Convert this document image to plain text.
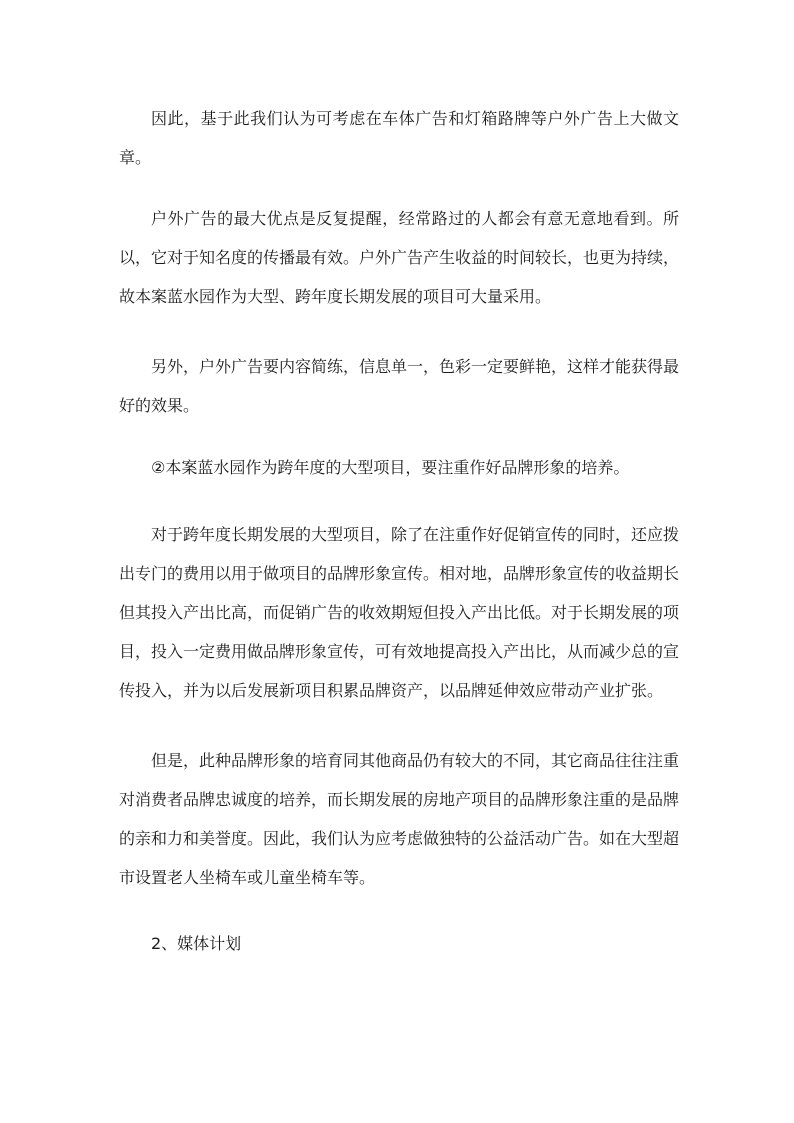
因此，基于此我们认为可考虑在车体广告和灯箱路牌等户外广告上大做文章。

户外广告的最大优点是反复提醒，经常路过的人都会有意无意地看到。所以，它对于知名度的传播最有效。户外广告产生收益的时间较长，也更为持续，故本案蓝水园作为大型、跨年度长期发展的项目可大量采用。

另外，户外广告要内容简练，信息单一，色彩一定要鲜艳，这样才能获得最好的效果。

②本案蓝水园作为跨年度的大型项目，要注重作好品牌形象的培养。

对于跨年度长期发展的大型项目，除了在注重作好促销宣传的同时，还应拨出专门的费用以用于做项目的品牌形象宣传。相对地，品牌形象宣传的收益期长但其投入产出比高，而促销广告的收效期短但投入产出比低。对于长期发展的项目，投入一定费用做品牌形象宣传，可有效地提高投入产出比，从而减少总的宣传投入，并为以后发展新项目积累品牌资产，以品牌延伸效应带动产业扩张。

但是，此种品牌形象的培育同其他商品仍有较大的不同，其它商品往往注重对消费者品牌忠诚度的培养，而长期发展的房地产项目的品牌形象注重的是品牌的亲和力和美誉度。因此，我们认为应考虑做独特的公益活动广告。如在大型超市设置老人坐椅车或儿童坐椅车等。

2、媒体计划
